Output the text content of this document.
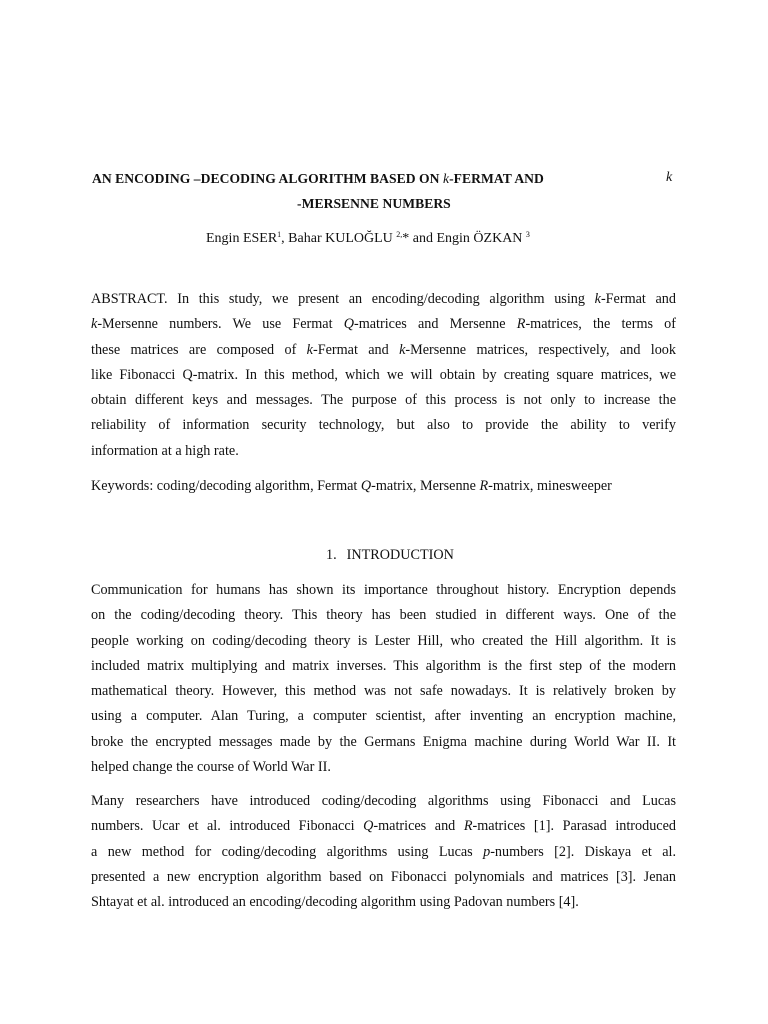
AN ENCODING –DECODING ALGORITHM BASED ON k-FERMAT AND	k
-MERSENNE NUMBERS
Engin ESER$^1$, Bahar KULOĞLU $^{2,}$* and Engin ÖZKAN $^3$
ABSTRACT. In this study, we present an encoding/decoding algorithm using k-Fermat and
k-Mersenne numbers. We use Fermat Q-matrices and Mersenne R-matrices, the terms of
these matrices are composed of k-Fermat and k-Mersenne matrices, respectively, and look
like Fibonacci Q-matrix. In this method, which we will obtain by creating square matrices, we
obtain different keys and messages. The purpose of this process is not only to increase the
reliability of information security technology, but also to provide the ability to verify
information at a high rate.
Keywords: coding/decoding algorithm, Fermat Q-matrix, Mersenne R-matrix, minesweeper
1. INTRODUCTION
Communication for humans has shown its importance throughout history. Encryption depends
on the coding/decoding theory. This theory has been studied in different ways. One of the
people working on coding/decoding theory is Lester Hill, who created the Hill algorithm. It is
included matrix multiplying and matrix inverses. This algorithm is the first step of the modern
mathematical theory. However, this method was not safe nowadays. It is relatively broken by
using a computer. Alan Turing, a computer scientist, after inventing an encryption machine,
broke the encrypted messages made by the Germans Enigma machine during World War II. It
helped change the course of World War II.
Many researchers have introduced coding/decoding algorithms using Fibonacci and Lucas
numbers. Ucar et al. introduced Fibonacci Q-matrices and R-matrices [1]. Parasad introduced
a new method for coding/decoding algorithms using Lucas p-numbers [2]. Diskaya et al.
presented a new encryption algorithm based on Fibonacci polynomials and matrices [3]. Jenan
Shtayat et al. introduced an encoding/decoding algorithm using Padovan numbers [4].
